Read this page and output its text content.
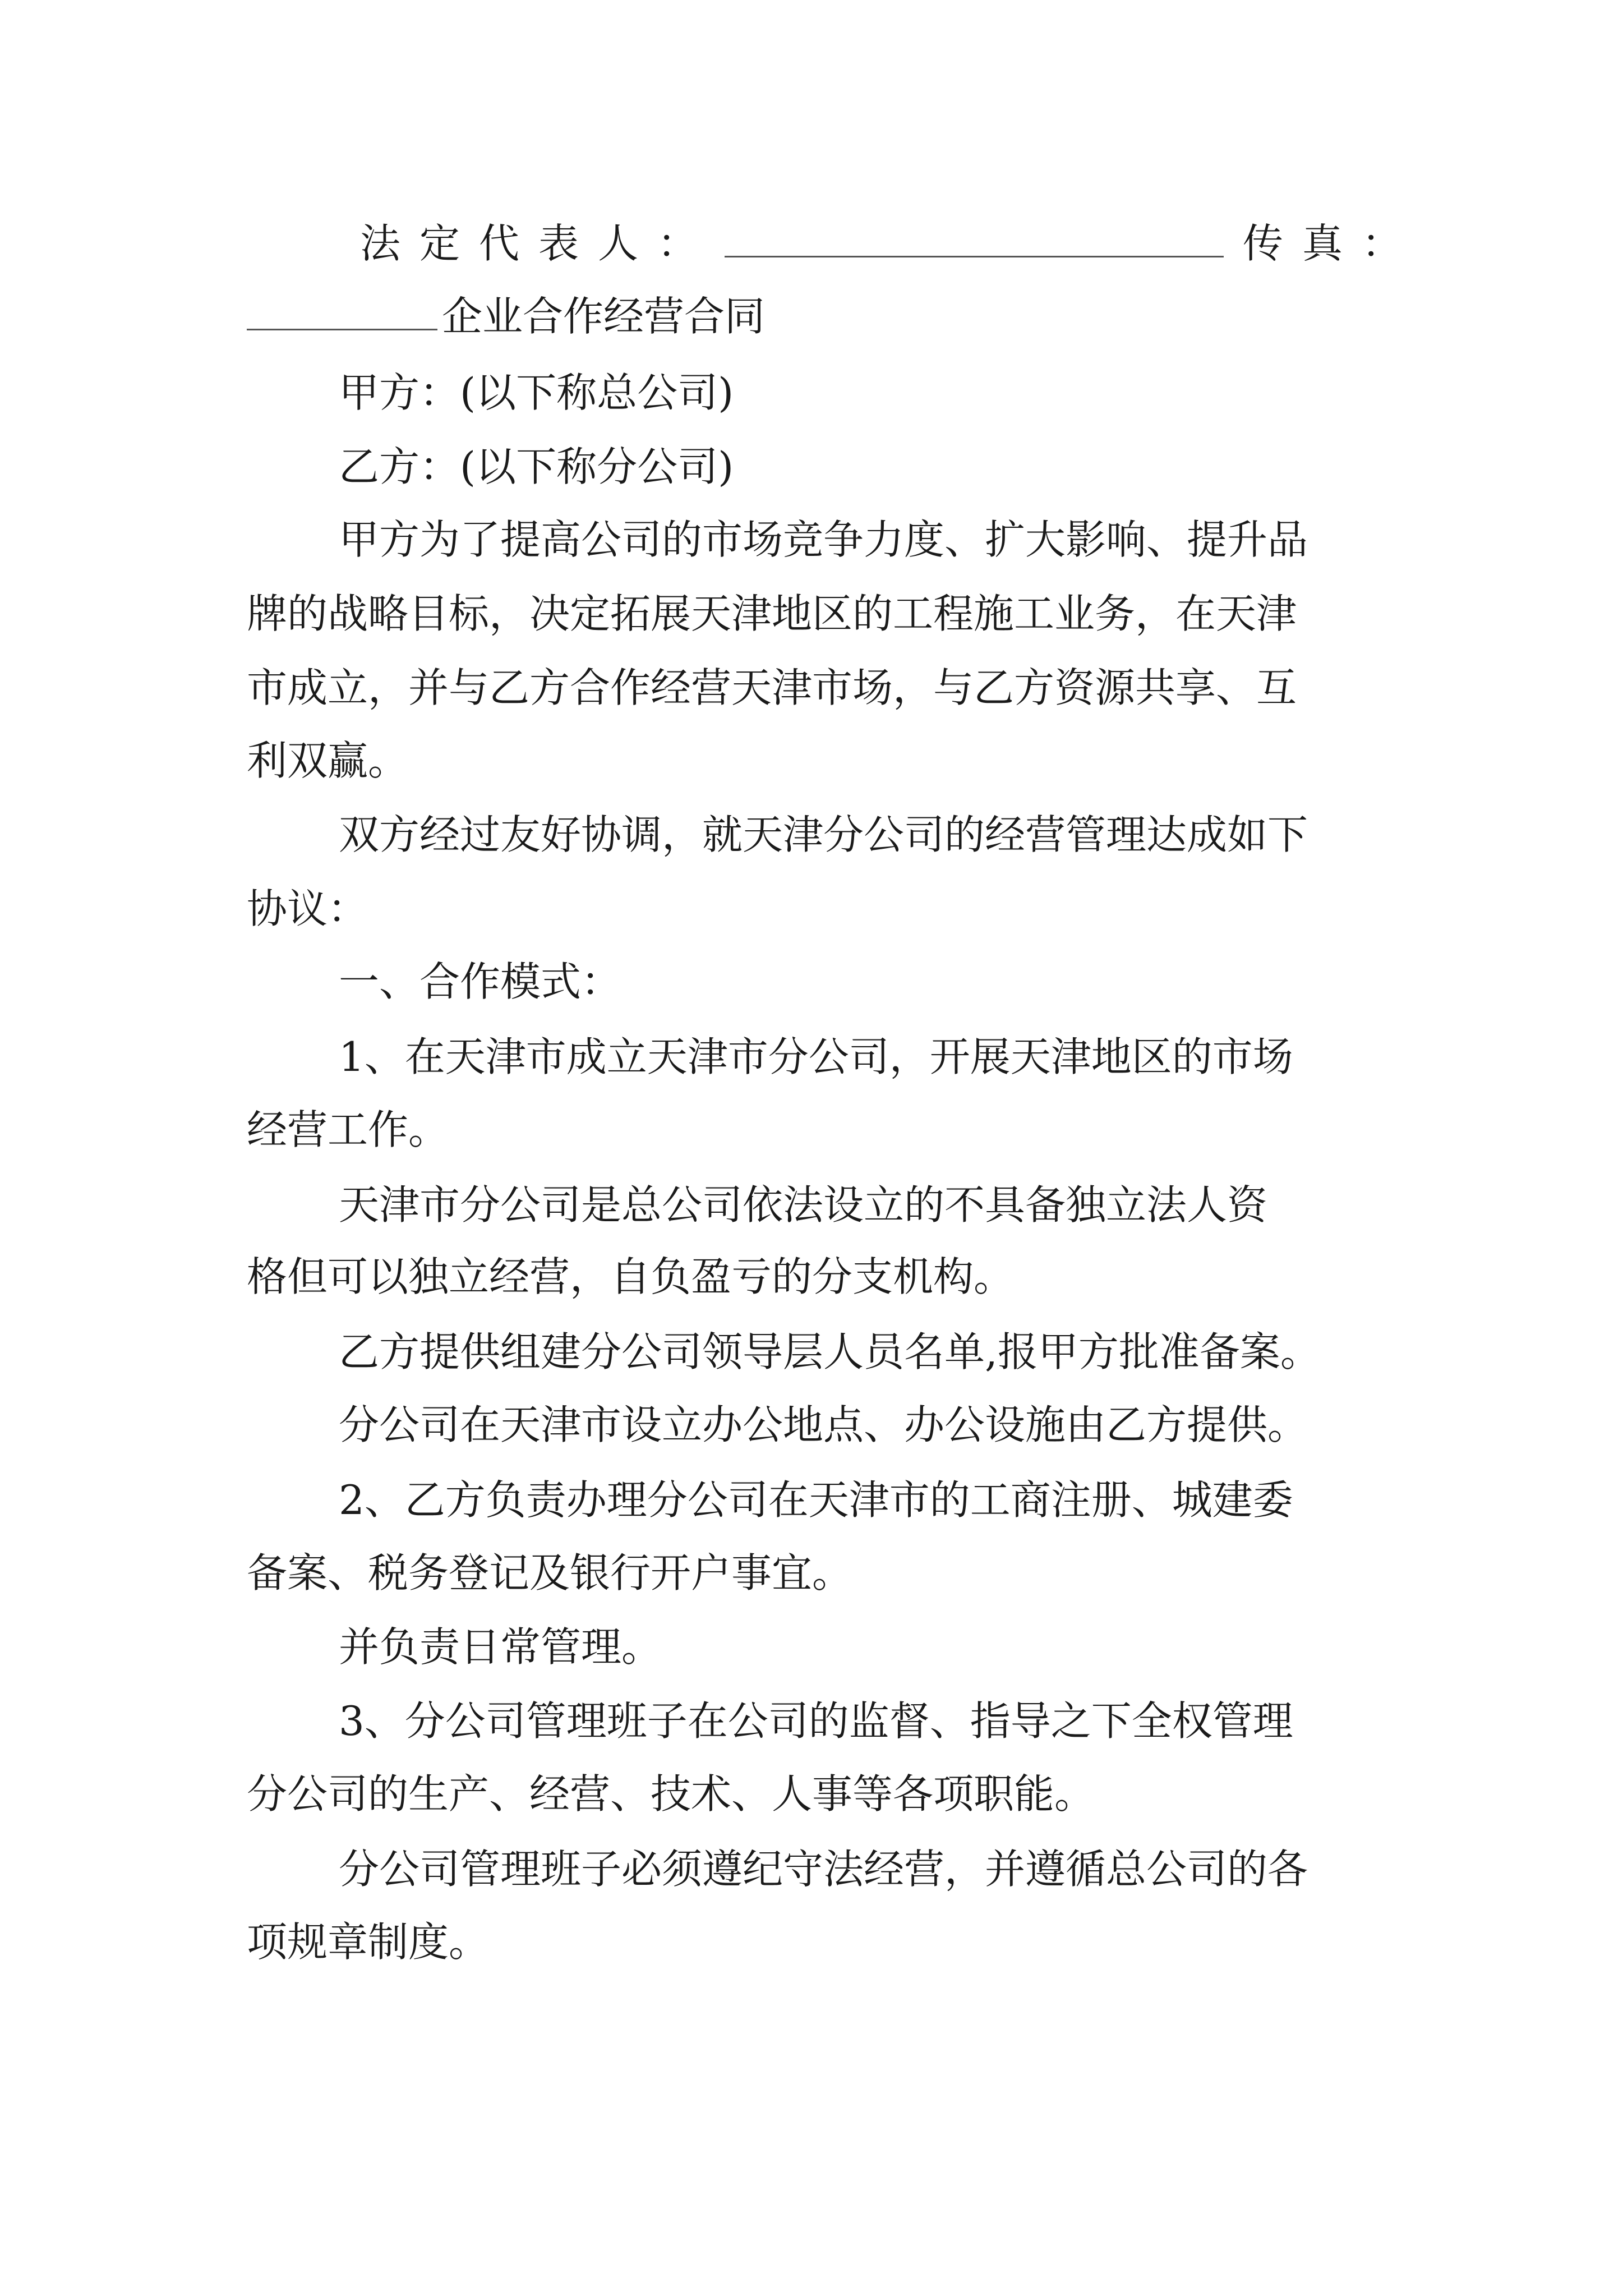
法定代表人：	传真：
企业合作经营合同
甲方：(以下称总公司)
乙方：(以下称分公司)
甲方为了提高公司的市场竞争力度、扩大影响、提升品
牌的战略目标，决定拓展天津地区的工程施工业务，在天津
市成立，并与乙方合作经营天津市场，与乙方资源共享、互
利双赢。
双方经过友好协调，就天津分公司的经营管理达成如下
协议：
一、合作模式：
1、在天津市成立天津市分公司，开展天津地区的市场
经营工作。
天津市分公司是总公司依法设立的不具备独立法人资
格但可以独立经营，自负盈亏的分支机构。
乙方提供组建分公司领导层人员名单,报甲方批准备案。
分公司在天津市设立办公地点、办公设施由乙方提供。
2、乙方负责办理分公司在天津市的工商注册、城建委
备案、税务登记及银行开户事宜。
并负责日常管理。
3、分公司管理班子在公司的监督、指导之下全权管理
分公司的生产、经营、技术、人事等各项职能。
分公司管理班子必须遵纪守法经营，并遵循总公司的各
项规章制度。
